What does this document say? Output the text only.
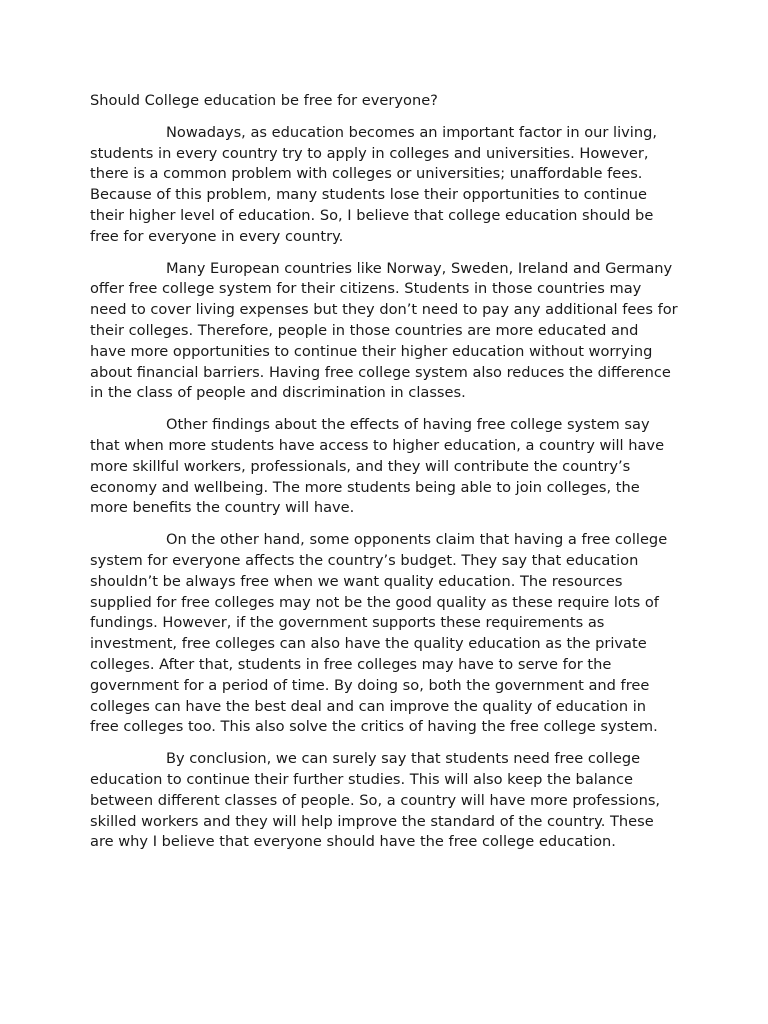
Should College education be free for everyone?

Nowadays, as education becomes an important factor in our living, students in every country try to apply in colleges and universities. However, there is a common problem with colleges or universities; unaffordable fees. Because of this problem, many students lose their opportunities to continue their higher level of education. So, I believe that college education should be free for everyone in every country.

Many European countries like Norway, Sweden, Ireland and Germany offer free college system for their citizens. Students in those countries may need to cover living expenses but they don’t need to pay any additional fees for their colleges. Therefore, people in those countries are more educated and have more opportunities to continue their higher education without worrying about financial barriers. Having free college system also reduces the difference in the class of people and discrimination in classes.

Other findings about the effects of having free college system say that when more students have access to higher education, a country will have more skillful workers, professionals, and they will contribute the country’s economy and wellbeing. The more students being able to join colleges, the more benefits the country will have.

On the other hand, some opponents claim that having a free college system for everyone affects the country’s budget. They say that education shouldn’t be always free when we want quality education. The resources supplied for free colleges may not be the good quality as these require lots of fundings. However, if the government supports these requirements as investment, free colleges can also have the quality education as the private colleges. After that, students in free colleges may have to serve for the government for a period of time. By doing so, both the government and free colleges can have the best deal and can improve the quality of education in free colleges too. This also solve the critics of having the free college system.

By conclusion, we can surely say that students need free college education to continue their further studies. This will also keep the balance between different classes of people. So, a country will have more professions, skilled workers and they will help improve the standard of the country. These are why I believe that everyone should have the free college education.
